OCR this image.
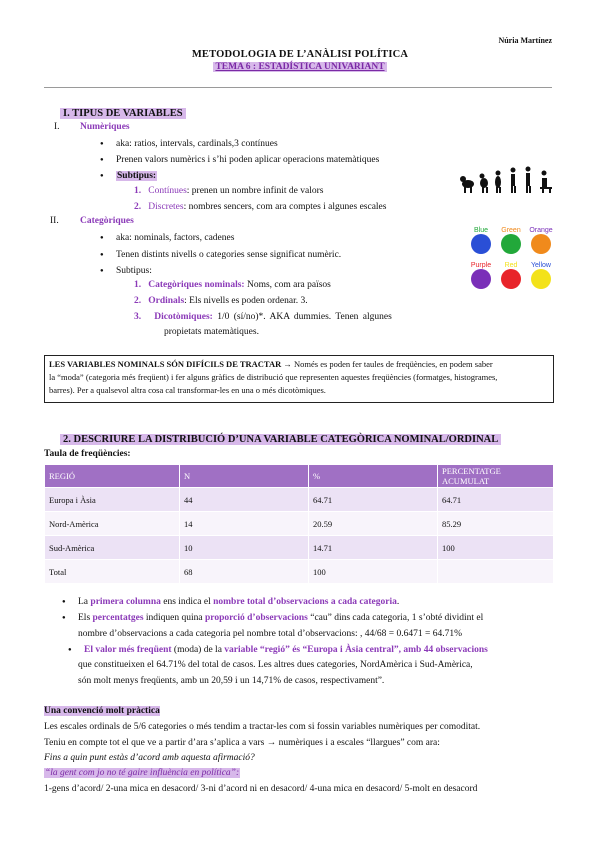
Núria Martínez
METODOLOGIA DE L’ANÀLISI POLÍTICA
TEMA 6 : ESTADÍSTICA UNIVARIANT
I. TIPUS DE VARIABLES
I. Numèriques
● aka: ratios, intervals, cardinals,3 contínues
● Prenen valors numèrics i s’hi poden aplicar operacions matemàtiques
● Subtipus:
1. Contínues: prenen un nombre infinit de valors
2. Discretes: nombres sencers, com ara comptes i algunes escales
II. Categòriques
● aka: nominals, factors, cadenes
● Tenen distints nivells o categories sense significat numèric.
● Subtipus:
1. Categòriques nominals: Noms, com ara països
2. Ordinals: Els nivells es poden ordenar. 3.
3. Dicotòmiques: 1/0 (sí/no)*. AKA dummies. Tenen algunes
propietats matemàtiques.
Blue Green Orange
Purple Red Yellow
LES VARIABLES NOMINALS SÓN DIFÍCILS DE TRACTAR → Només es poden fer taules de freqüències, en podem saber
la “moda” (categoria més freqüent) i fer alguns gràfics de distribució que representen aquestes freqüències (formatges, histogrames,
barres). Per a qualsevol altra cosa cal transformar-les en una o més dicotòmiques.
2. DESCRIURE LA DISTRIBUCIÓ D’UNA VARIABLE CATEGÒRICA NOMINAL/ORDINAL
Taula de freqüències:
REGIÓ	N	%	PERCENTATGE ACUMULAT
Europa i Àsia	44	64.71	64.71
Nord-Amèrica	14	20.59	85.29
Sud-Amèrica	10	14.71	100
Total	68	100	
● La primera columna ens indica el nombre total d’observacions a cada categoria.
● Els percentatges indiquen quina proporció d’observacions “cau” dins cada categoria, 1 s’obté dividint el
nombre d’observacions a cada categoria pel nombre total d’observacions: , 44/68 = 0.6471 = 64.71%
● El valor més freqüent (moda) de la variable “regió” és “Europa i Àsia central”, amb 44 observacions
que constitueixen el 64.71% del total de casos. Les altres dues categories, NordAmèrica i Sud-Amèrica,
són molt menys freqüents, amb un 20,59 i un 14,71% de casos, respectivament”.
Una convenció molt pràctica
Les escales ordinals de 5/6 categories o més tendim a tractar-les com si fossin variables numèriques per comoditat.
Teniu en compte tot el que ve a partir d’ara s’aplica a vars → numèriques i a escales “llargues” com ara:
Fins a quin punt estàs d’acord amb aquesta afirmació?
“la gent com jo no té gaire influència en política”:
1-gens d’acord/ 2-una mica en desacord/ 3-ni d’acord ni en desacord/ 4-una mica en desacord/ 5-molt en desacord
